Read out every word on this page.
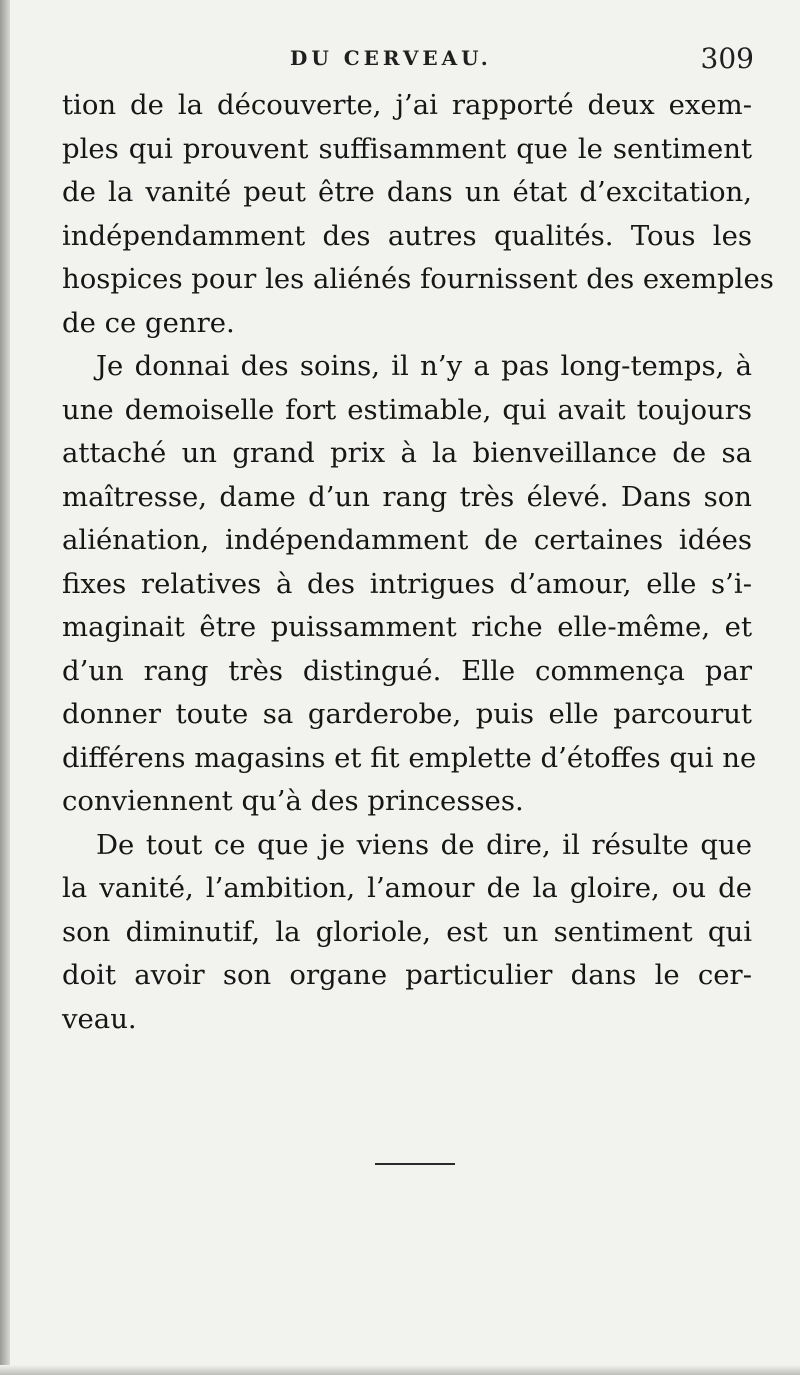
DU CERVEAU.	309
tion de la découverte, j’ai rapporté deux exem-
ples qui prouvent suffisamment que le sentiment
de la vanité peut être dans un état d’excitation,
indépendamment des autres qualités. Tous les
hospices pour les aliénés fournissent des exemples
de ce genre.
Je donnai des soins, il n’y a pas long-temps, à
une demoiselle fort estimable, qui avait toujours
attaché un grand prix à la bienveillance de sa
maîtresse, dame d’un rang très élevé. Dans son
aliénation, indépendamment de certaines idées
fixes relatives à des intrigues d’amour, elle s’i-
maginait être puissamment riche elle-même, et
d’un rang très distingué. Elle commença par
donner toute sa garderobe, puis elle parcourut
différens magasins et fit emplette d’étoffes qui ne
conviennent qu’à des princesses.
De tout ce que je viens de dire, il résulte que
la vanité, l’ambition, l’amour de la gloire, ou de
son diminutif, la gloriole, est un sentiment qui
doit avoir son organe particulier dans le cer-
veau.
